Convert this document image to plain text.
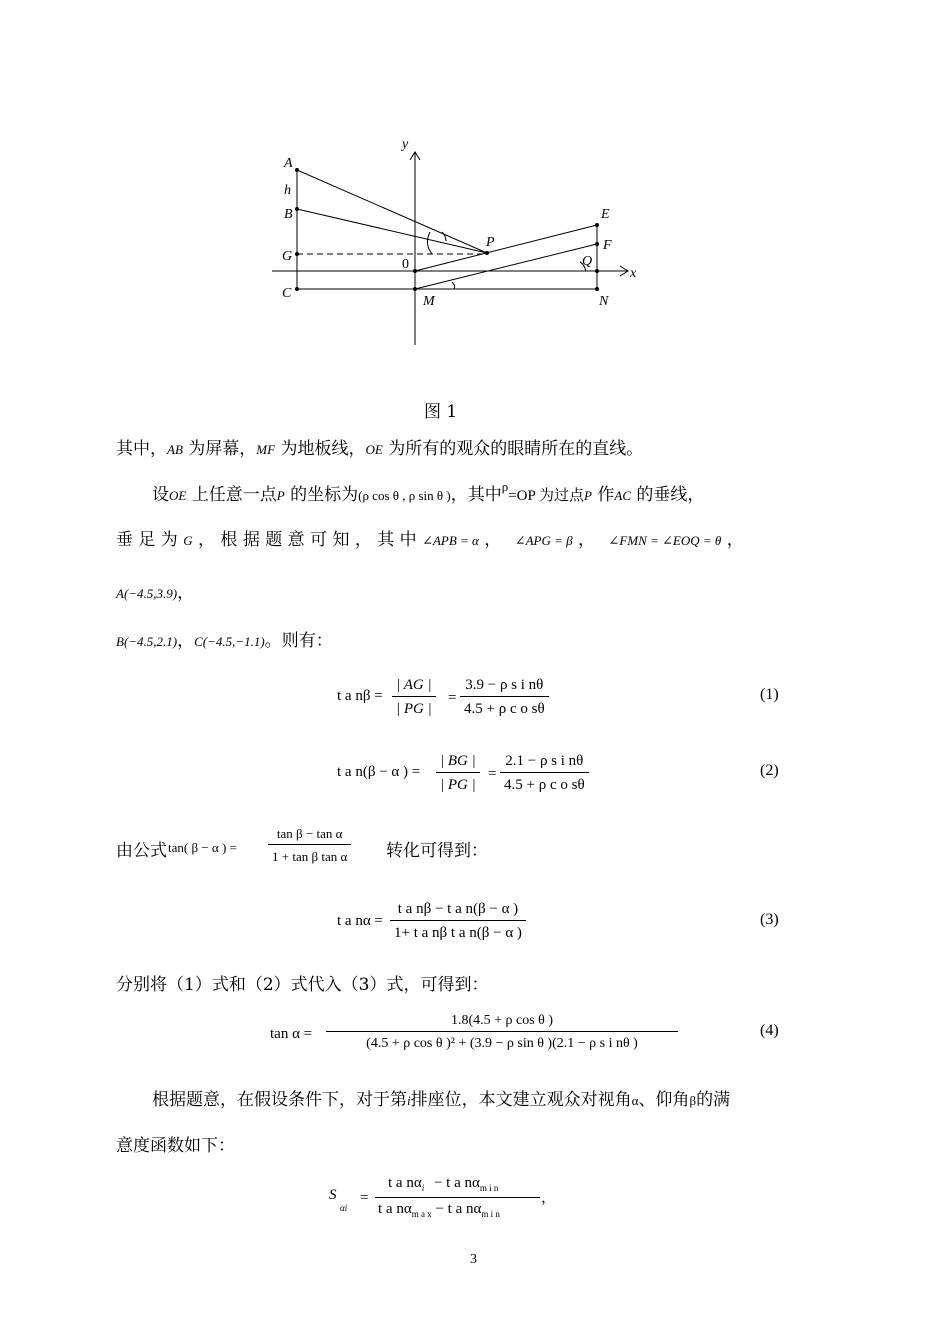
y
x
A
h
B
G
C
0
P
E
F
Q
M	N
图 1
其中，AB 为屏幕，MF 为地板线，OE 为所有的观众的眼睛所在的直线。
设OE 上任意一点P 的坐标为(ρ cos θ , ρ sin θ )，其中$^\rho$=OP 为过点P 作AC 的垂线，
垂 足 为 G ， 根 据 题 意 可 知 ， 其 中 ∠APB = α ， ∠APG = β ， ∠FMN = ∠EOQ = θ ，
A(−4.5,3.9)，
B(−4.5,2.1)，C(−4.5,−1.1)。则有：
t a $n\beta = \frac{| AG |}{| PG |} = \frac{\text{3.9 − ρ s i nθ}}{\text{4.5 + ρ c o sθ}}$	(1)
t a n(β − α ) = $\frac{| BG |}{| PG |} = \frac{\text{2.1 − ρ s i nθ}}{\text{4.5 + ρ c o sθ}}$	(2)
由公式 tan( β − α ) = $\frac{\text{tan β − tan α}}{\text{1 + tan β tan α}}$ 转化可得到：
t a $n\alpha = \frac{\text{t a nβ − t a n(β − α )}}{\text{1+ t a nβ t a n(β − α )}}$	(3)
分别将（1）式和（2）式代入（3）式，可得到：
$\tan \alpha = \frac{\text{1.8(4.5 + ρ cos θ )}}{\text{(4.5 + ρ cos θ )² + (3.9 − ρ sin θ )(2.1 − ρ s i nθ )}}$	(4)
根据题意，在假设条件下，对于第i排座位，本文建立观众对视角α、仰角β的满
意度函数如下：
S
αi
=
t a $n\alpha_i - t$ a $n\alpha_{m i n}$
t a $n\alpha_{m a x} - t$ a $n\alpha_{m i n}$
，
3
